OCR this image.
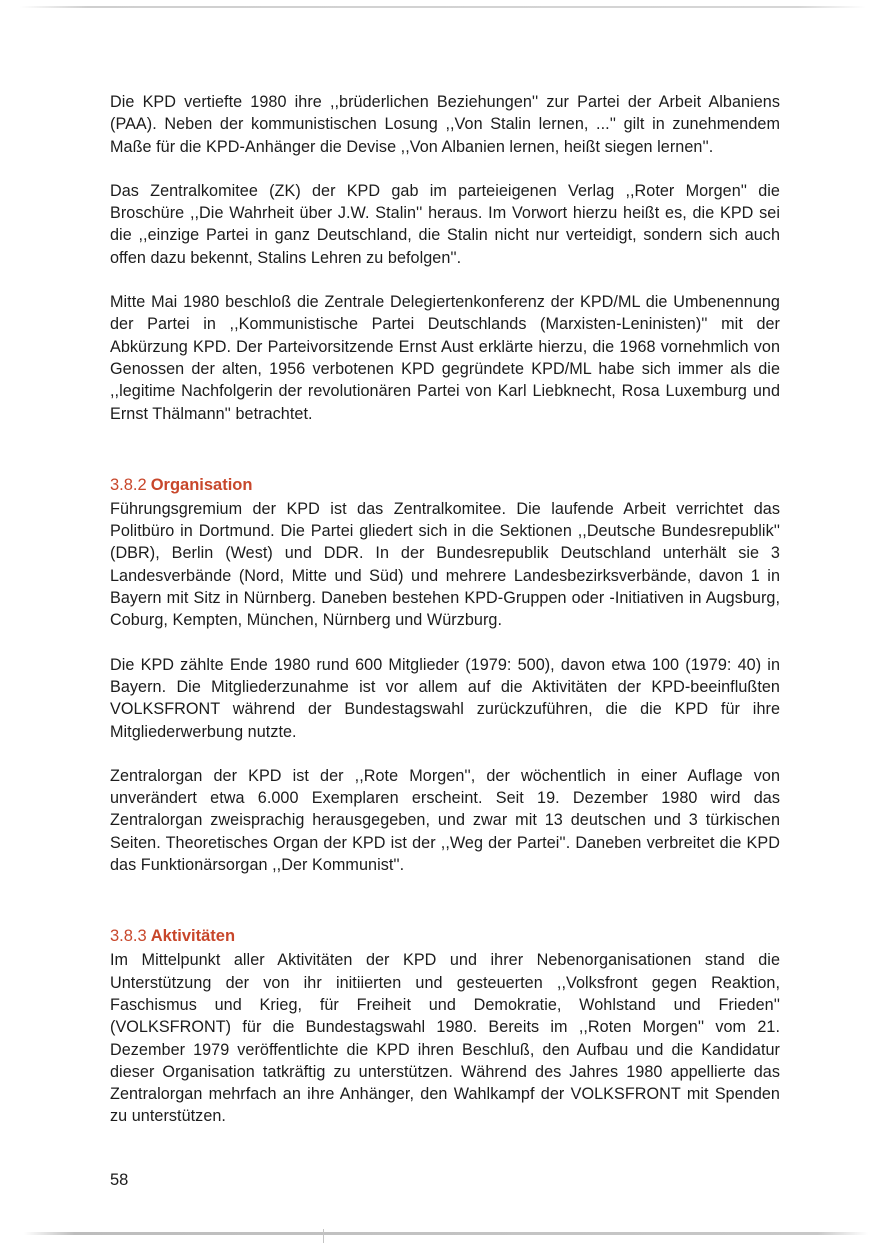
Die KPD vertiefte 1980 ihre ,,brüderlichen Beziehungen'' zur Partei der Arbeit Albaniens (PAA). Neben der kommunistischen Losung ,,Von Stalin lernen, ...'' gilt in zunehmendem Maße für die KPD-Anhänger die Devise ,,Von Albanien lernen, heißt siegen lernen''.

Das Zentralkomitee (ZK) der KPD gab im parteieigenen Verlag ,,Roter Morgen'' die Broschüre ,,Die Wahrheit über J.W. Stalin'' heraus. Im Vorwort hierzu heißt es, die KPD sei die ,,einzige Partei in ganz Deutschland, die Stalin nicht nur verteidigt, sondern sich auch offen dazu bekennt, Stalins Lehren zu befolgen''.

Mitte Mai 1980 beschloß die Zentrale Delegiertenkonferenz der KPD/ML die Umbenennung der Partei in ,,Kommunistische Partei Deutschlands (Marxisten-Leninisten)'' mit der Abkürzung KPD. Der Parteivorsitzende Ernst Aust erklärte hierzu, die 1968 vornehmlich von Genossen der alten, 1956 verbotenen KPD gegründete KPD/ML habe sich immer als die ,,legitime Nachfolgerin der revolutionären Partei von Karl Liebknecht, Rosa Luxemburg und Ernst Thälmann'' betrachtet.

3.8.2 Organisation

Führungsgremium der KPD ist das Zentralkomitee. Die laufende Arbeit verrichtet das Politbüro in Dortmund. Die Partei gliedert sich in die Sektionen ,,Deutsche Bundesrepublik'' (DBR), Berlin (West) und DDR. In der Bundesrepublik Deutschland unterhält sie 3 Landesverbände (Nord, Mitte und Süd) und mehrere Landesbezirksverbände, davon 1 in Bayern mit Sitz in Nürnberg. Daneben bestehen KPD-Gruppen oder -Initiativen in Augsburg, Coburg, Kempten, München, Nürnberg und Würzburg.

Die KPD zählte Ende 1980 rund 600 Mitglieder (1979: 500), davon etwa 100 (1979: 40) in Bayern. Die Mitgliederzunahme ist vor allem auf die Aktivitäten der KPD-beeinflußten VOLKSFRONT während der Bundestagswahl zurückzuführen, die die KPD für ihre Mitgliederwerbung nutzte.

Zentralorgan der KPD ist der ,,Rote Morgen'', der wöchentlich in einer Auflage von unverändert etwa 6.000 Exemplaren erscheint. Seit 19. Dezember 1980 wird das Zentralorgan zweisprachig herausgegeben, und zwar mit 13 deutschen und 3 türkischen Seiten. Theoretisches Organ der KPD ist der ,,Weg der Partei''. Daneben verbreitet die KPD das Funktionärsorgan ,,Der Kommunist''.

3.8.3 Aktivitäten

Im Mittelpunkt aller Aktivitäten der KPD und ihrer Nebenorganisationen stand die Unterstützung der von ihr initiierten und gesteuerten ,,Volksfront gegen Reaktion, Faschismus und Krieg, für Freiheit und Demokratie, Wohlstand und Frieden'' (VOLKSFRONT) für die Bundestagswahl 1980. Bereits im ,,Roten Morgen'' vom 21. Dezember 1979 veröffentlichte die KPD ihren Beschluß, den Aufbau und die Kandidatur dieser Organisation tatkräftig zu unterstützen. Während des Jahres 1980 appellierte das Zentralorgan mehrfach an ihre Anhänger, den Wahlkampf der VOLKSFRONT mit Spenden zu unterstützen.

58
